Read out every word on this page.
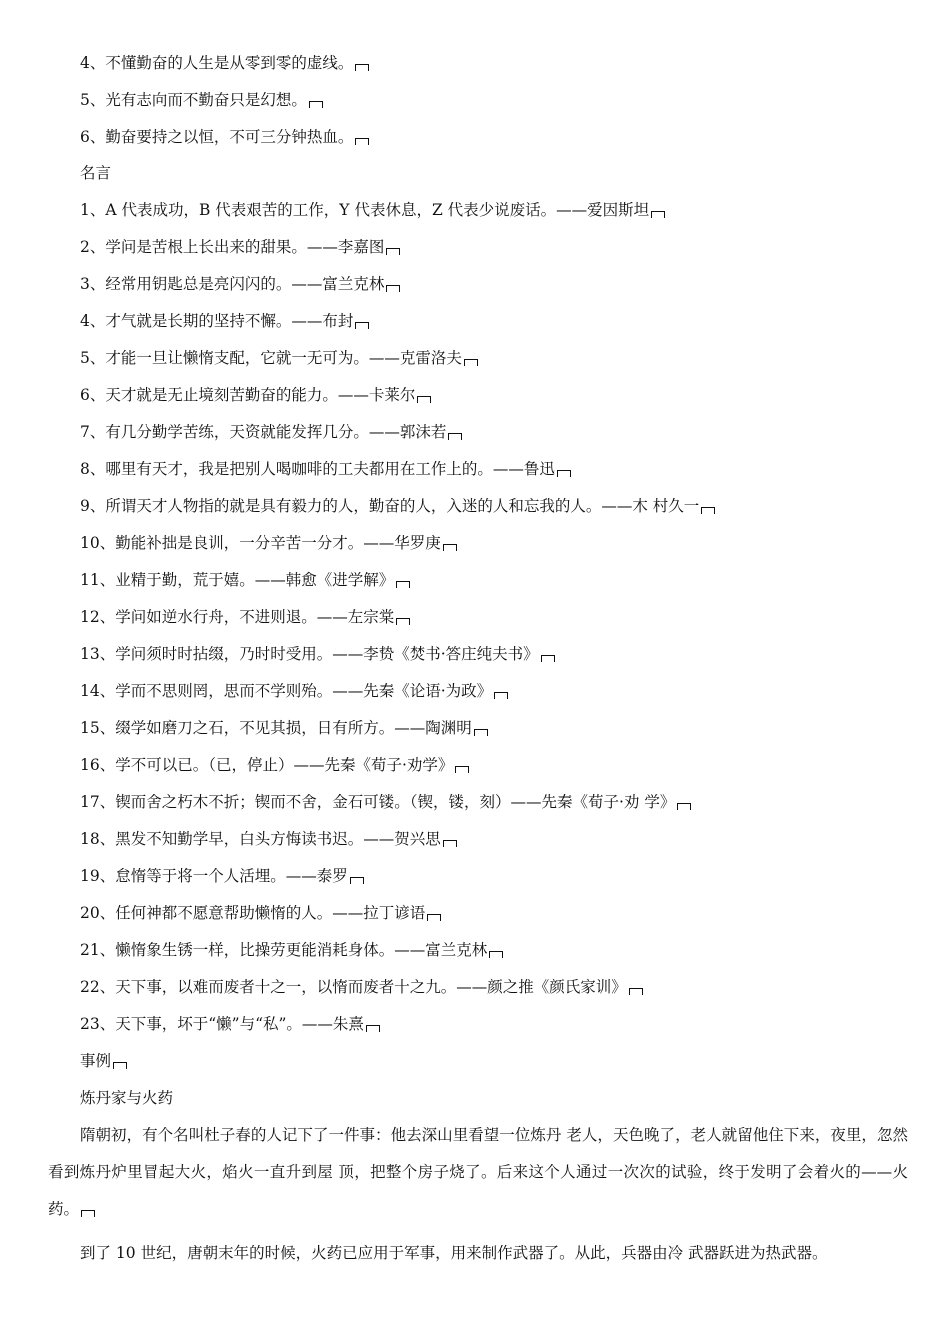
4、不懂勤奋的人生是从零到零的虚线。
5、光有志向而不勤奋只是幻想。
6、勤奋要持之以恒，不可三分钟热血。
名言
1、A 代表成功，B 代表艰苦的工作，Y 代表休息，Z 代表少说废话。——爱因斯坦
2、学问是苦根上长出来的甜果。——李嘉图
3、经常用钥匙总是亮闪闪的。——富兰克林
4、才气就是长期的坚持不懈。——布封
5、才能一旦让懒惰支配，它就一无可为。——克雷洛夫
6、天才就是无止境刻苦勤奋的能力。——卡莱尔
7、有几分勤学苦练，天资就能发挥几分。——郭沫若
8、哪里有天才，我是把别人喝咖啡的工夫都用在工作上的。——鲁迅
9、所谓天才人物指的就是具有毅力的人，勤奋的人，入迷的人和忘我的人。——木 村久一
10、勤能补拙是良训，一分辛苦一分才。——华罗庚
11、业精于勤，荒于嬉。——韩愈《进学解》
12、学问如逆水行舟，不进则退。——左宗棠
13、学问须时时拈缀，乃时时受用。——李贽《焚书·答庄纯夫书》
14、学而不思则罔，思而不学则殆。——先秦《论语·为政》
15、缀学如磨刀之石，不见其损，日有所方。——陶渊明
16、学不可以已。（已，停止）——先秦《荀子·劝学》
17、锲而舍之朽木不折；锲而不舍，金石可镂。（锲，镂，刻）——先秦《荀子·劝 学》
18、黑发不知勤学早，白头方悔读书迟。——贺兴思
19、怠惰等于将一个人活埋。——泰罗
20、任何神都不愿意帮助懒惰的人。——拉丁谚语
21、懒惰象生锈一样，比操劳更能消耗身体。——富兰克林
22、天下事，以难而废者十之一，以惰而废者十之九。——颜之推《颜氏家训》
23、天下事，坏于“懒”与“私”。——朱熹
事例
炼丹家与火药
隋朝初，有个名叫杜子春的人记下了一件事：他去深山里看望一位炼丹 老人，天色晚了，老人就留他住下来，夜里，忽然看到炼丹炉里冒起大火，焰火一直升到屋 顶，把整个房子烧了。后来这个人通过一次次的试验，终于发明了会着火的——火药。
到了 10 世纪，唐朝末年的时候，火药已应用于军事，用来制作武器了。从此，兵器由冷 武器跃进为热武器。
